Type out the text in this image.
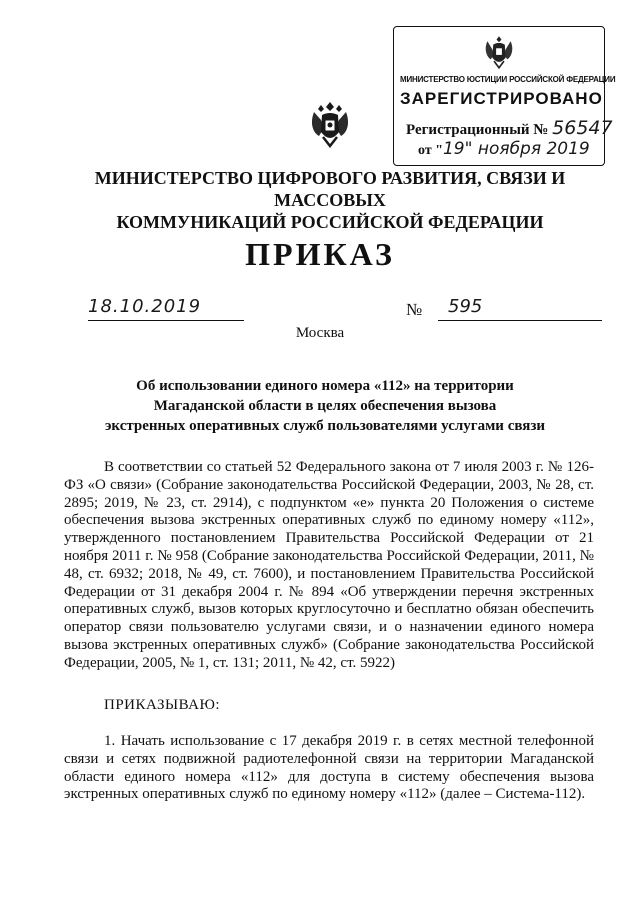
МИНИСТЕРСТВО ЮСТИЦИИ РОССИЙСКОЙ ФЕДЕРАЦИИ
ЗАРЕГИСТРИРОВАНО
Регистрационный № 56547
от "19" ноября 2019
МИНИСТЕРСТВО ЦИФРОВОГО РАЗВИТИЯ, СВЯЗИ И МАССОВЫХ
КОММУНИКАЦИЙ РОССИЙСКОЙ ФЕДЕРАЦИИ
ПРИКАЗ
18.10.2019	№ 595
Москва
Об использовании единого номера «112» на территории
Магаданской области в целях обеспечения вызова
экстренных оперативных служб пользователями услугами связи
В соответствии со статьей 52 Федерального закона от 7 июля 2003 г. № 126-ФЗ «О связи» (Собрание законодательства Российской Федерации, 2003, № 28, ст. 2895; 2019, № 23, ст. 2914), с подпунктом «е» пункта 20 Положения о системе обеспечения вызова экстренных оперативных служб по единому номеру «112», утвержденного постановлением Правительства Российской Федерации от 21 ноября 2011 г. № 958 (Собрание законодательства Российской Федерации, 2011, № 48, ст. 6932; 2018, № 49, ст. 7600), и постановлением Правительства Российской Федерации от 31 декабря 2004 г. № 894 «Об утверждении перечня экстренных оперативных служб, вызов которых круглосуточно и бесплатно обязан обеспечить оператор связи пользователю услугами связи, и о назначении единого номера вызова экстренных оперативных служб» (Собрание законодательства Российской Федерации, 2005, № 1, ст. 131; 2011, № 42, ст. 5922)
ПРИКАЗЫВАЮ:
1. Начать использование с 17 декабря 2019 г. в сетях местной телефонной связи и сетях подвижной радиотелефонной связи на территории Магаданской области единого номера «112» для доступа в систему обеспечения вызова экстренных оперативных служб по единому номеру «112» (далее – Система-112).
